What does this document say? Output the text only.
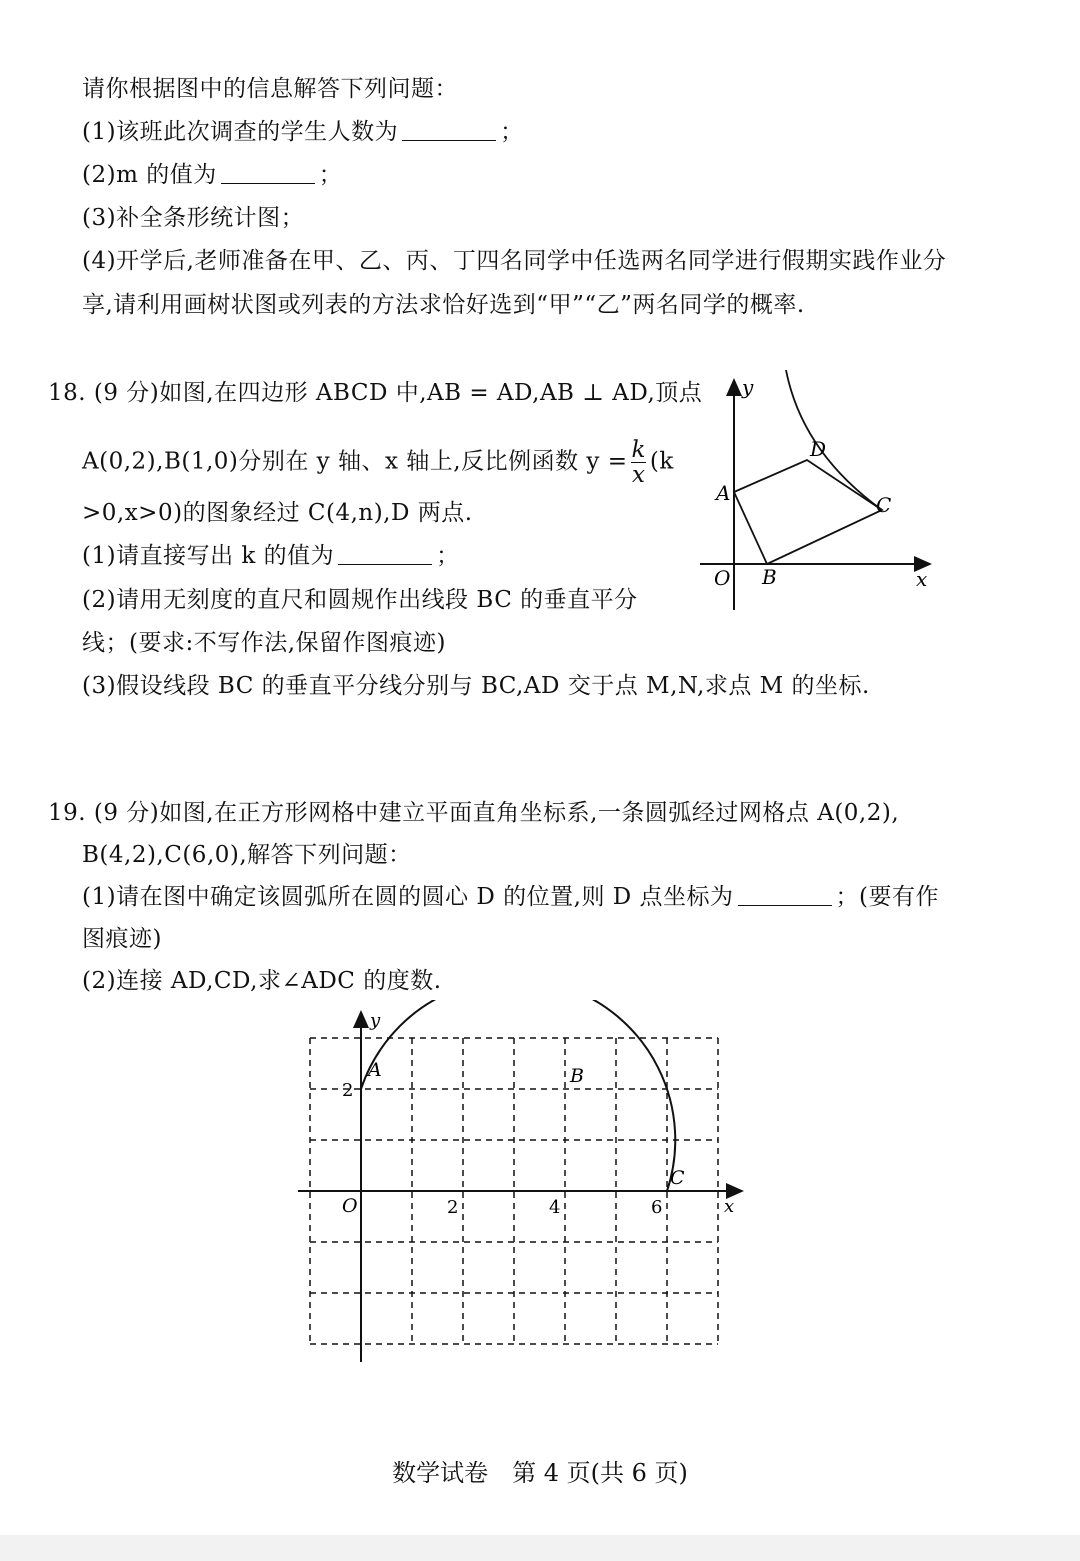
请你根据图中的信息解答下列问题：
(1)该班此次调查的学生人数为	；
(2)m 的值为	；
(3)补全条形统计图；
(4)开学后,老师准备在甲、乙、丙、丁四名同学中任选两名同学进行假期实践作业分
享,请利用画树状图或列表的方法求恰好选到“甲”“乙”两名同学的概率.
18. (9 分)如图,在四边形 ABCD 中,AB = AD,AB ⊥ AD,顶点
A(0,2),B(1,0)分别在 y 轴、x 轴上,反比例函数 $y = \frac{k}{x} (k$
>0,x>0)的图象经过 C(4,n),D 两点.
(1)请直接写出 k 的值为	；
(2)请用无刻度的直尺和圆规作出线段 BC 的垂直平分
线；(要求:不写作法,保留作图痕迹)
(3)假设线段 BC 的垂直平分线分别与 BC,AD 交于点 M,N,求点 M 的坐标.
y
x
O
A
B
C
D
19. (9 分)如图,在正方形网格中建立平面直角坐标系,一条圆弧经过网格点 A(0,2),
B(4,2),C(6,0),解答下列问题：
(1)请在图中确定该圆弧所在圆的圆心 D 的位置,则 D 点坐标为	；(要有作
图痕迹)
(2)连接 AD,CD,求∠ADC 的度数.
y
x
O
A	B
C
2
2	4	6
数学试卷　第 4 页(共 6 页)
